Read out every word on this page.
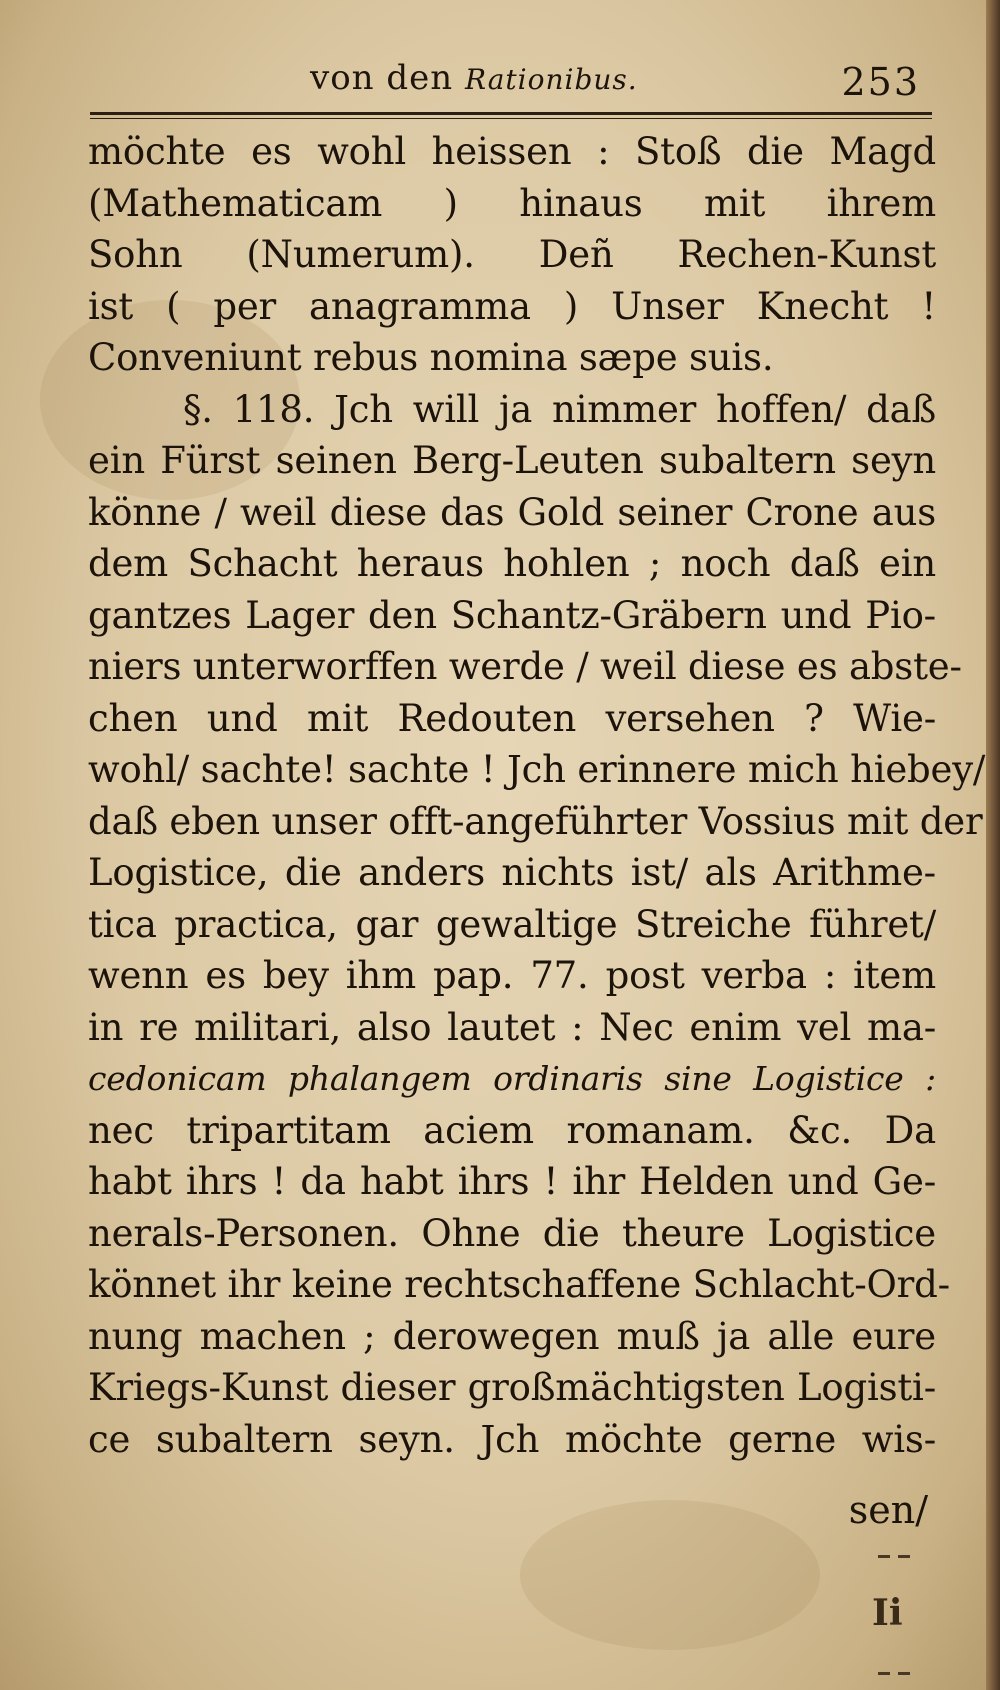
von den Rationibus.	253
möchte es wohl heissen : Stoß die Magd
(Mathematicam ) hinaus mit ihrem
Sohn (Numerum). Deñ Rechen-Kunst
ist ( per anagramma ) Unser Knecht !
Conveniunt rebus nomina sæpe suis.
§. 118. Jch will ja nimmer hoffen/ daß
ein Fürst seinen Berg-Leuten subaltern seyn
könne / weil diese das Gold seiner Crone aus
dem Schacht heraus hohlen ; noch daß ein
gantzes Lager den Schantz-Gräbern und Pio-
niers unterworffen werde / weil diese es abste-
chen und mit Redouten versehen ? Wie-
wohl/ sachte! sachte ! Jch erinnere mich hiebey/
daß eben unser offt-angeführter Vossius mit der
Logistice, die anders nichts ist/ als Arithme-
tica practica, gar gewaltige Streiche führet/
wenn es bey ihm pap. 77. post verba : item
in re militari, also lautet : Nec enim vel ma-
cedonicam phalangem ordinaris sine Logistice :
nec tripartitam aciem romanam. &c. Da
habt ihrs ! da habt ihrs ! ihr Helden und Ge-
nerals-Personen. Ohne die theure Logistice
könnet ihr keine rechtschaffene Schlacht-Ord-
nung machen ; derowegen muß ja alle eure
Kriegs-Kunst dieser großmächtigsten Logisti-
ce subaltern seyn. Jch möchte gerne wis-
sen/
Ii
